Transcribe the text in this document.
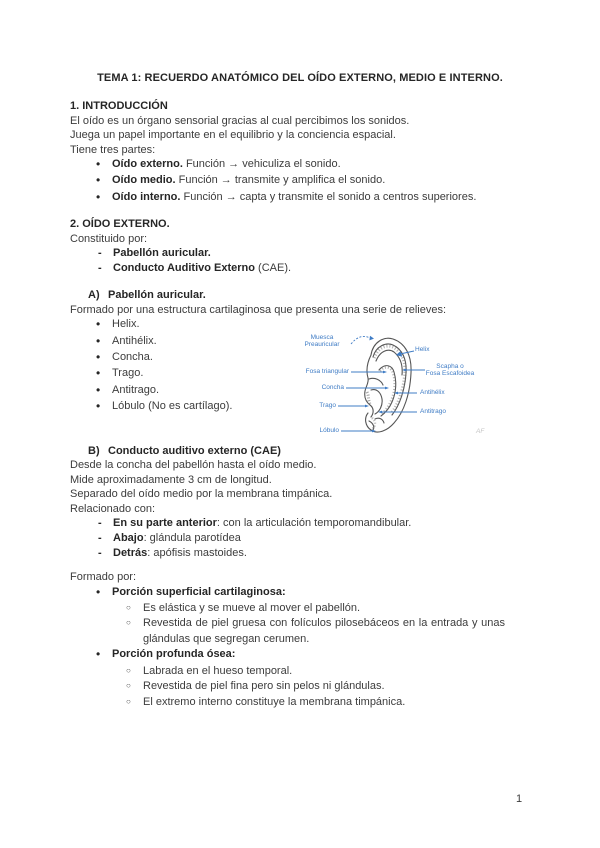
TEMA 1: RECUERDO ANATÓMICO DEL OÍDO EXTERNO, MEDIO E INTERNO.
1. INTRODUCCIÓN

El oído es un órgano sensorial gracias al cual percibimos los sonidos.

Juega un papel importante en el equilibrio y la conciencia espacial.

Tiene tres partes:

•
Oído externo. Función → vehiculiza el sonido.
•
Oído medio. Función → transmite y amplifica el sonido.
•
Oído interno. Función → capta y transmite el sonido a centros superiores.
2. OÍDO EXTERNO.

Constituido por:

-
Pabellón auricular.
-
Conducto Auditivo Externo (CAE).
A) Pabellón auricular.

Formado por una estructura cartilaginosa que presenta una serie de relieves:

•
Helix.
•
Antihélix.
•
Concha.
•
Trago.
•
Antitrago.
•
Lóbulo (No es cartílago).
B) Conducto auditivo externo (CAE)

Desde la concha del pabellón hasta el oído medio.

Mide aproximadamente 3 cm de longitud.

Separado del oído medio por la membrana timpánica.

Relacionado con:

-
En su parte anterior: con la articulación temporomandibular.
-
Abajo: glándula parotídea
-
Detrás: apófisis mastoides.

Formado por:

•
Porción superficial cartilaginosa:
○
Es elástica y se mueve al mover el pabellón.
○
Revestida de piel gruesa con folículos pilosebáceos en la entrada y unas glándulas que segregan cerumen.
•
Porción profunda ósea:
○
Labrada en el hueso temporal.
○
Revestida de piel fina pero sin pelos ni glándulas.
○
El extremo interno constituye la membrana timpánica.
Muesca
Preauricular
Fosa triangular
Concha
Trago
Lóbulo
Helix
Scapha o
Fosa Escafoidea
Antihélix
Antitrago
AF
1
